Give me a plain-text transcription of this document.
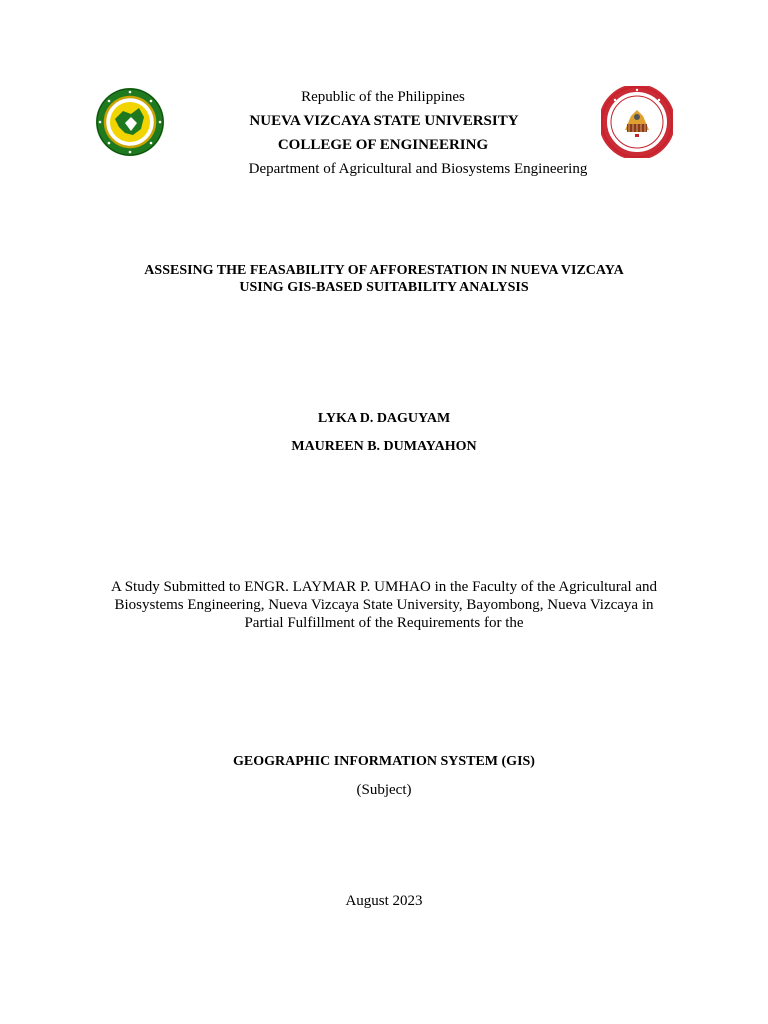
Republic of the Philippines
NUEVA VIZCAYA STATE UNIVERSITY
COLLEGE OF ENGINEERING
Department of Agricultural and Biosystems Engineering
ASSESING THE FEASABILITY OF AFFORESTATION IN NUEVA VIZCAYA
USING GIS-BASED SUITABILITY ANALYSIS
LYKA D. DAGUYAM
MAUREEN B. DUMAYAHON
A Study Submitted to ENGR. LAYMAR P. UMHAO in the Faculty of the Agricultural and
Biosystems Engineering, Nueva Vizcaya State University, Bayombong, Nueva Vizcaya in
Partial Fulfillment of the Requirements for the
GEOGRAPHIC INFORMATION SYSTEM (GIS)
(Subject)
August 2023
